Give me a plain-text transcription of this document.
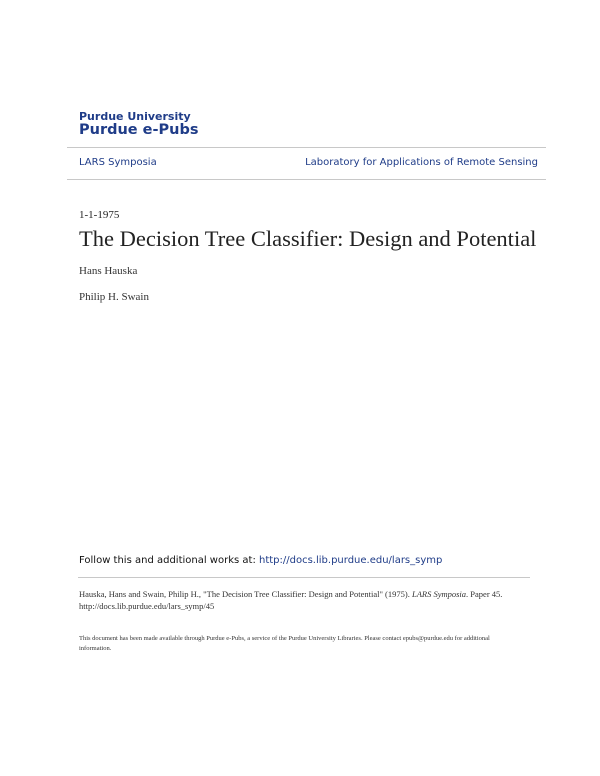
Purdue University
Purdue e-Pubs
LARS Symposia	Laboratory for Applications of Remote Sensing
1-1-1975
The Decision Tree Classifier: Design and Potential
Hans Hauska
Philip H. Swain
Follow this and additional works at: http://docs.lib.purdue.edu/lars_symp
Hauska, Hans and Swain, Philip H., "The Decision Tree Classifier: Design and Potential" (1975). LARS Symposia. Paper 45.
http://docs.lib.purdue.edu/lars_symp/45
This document has been made available through Purdue e-Pubs, a service of the Purdue University Libraries. Please contact epubs@purdue.edu for additional information.
